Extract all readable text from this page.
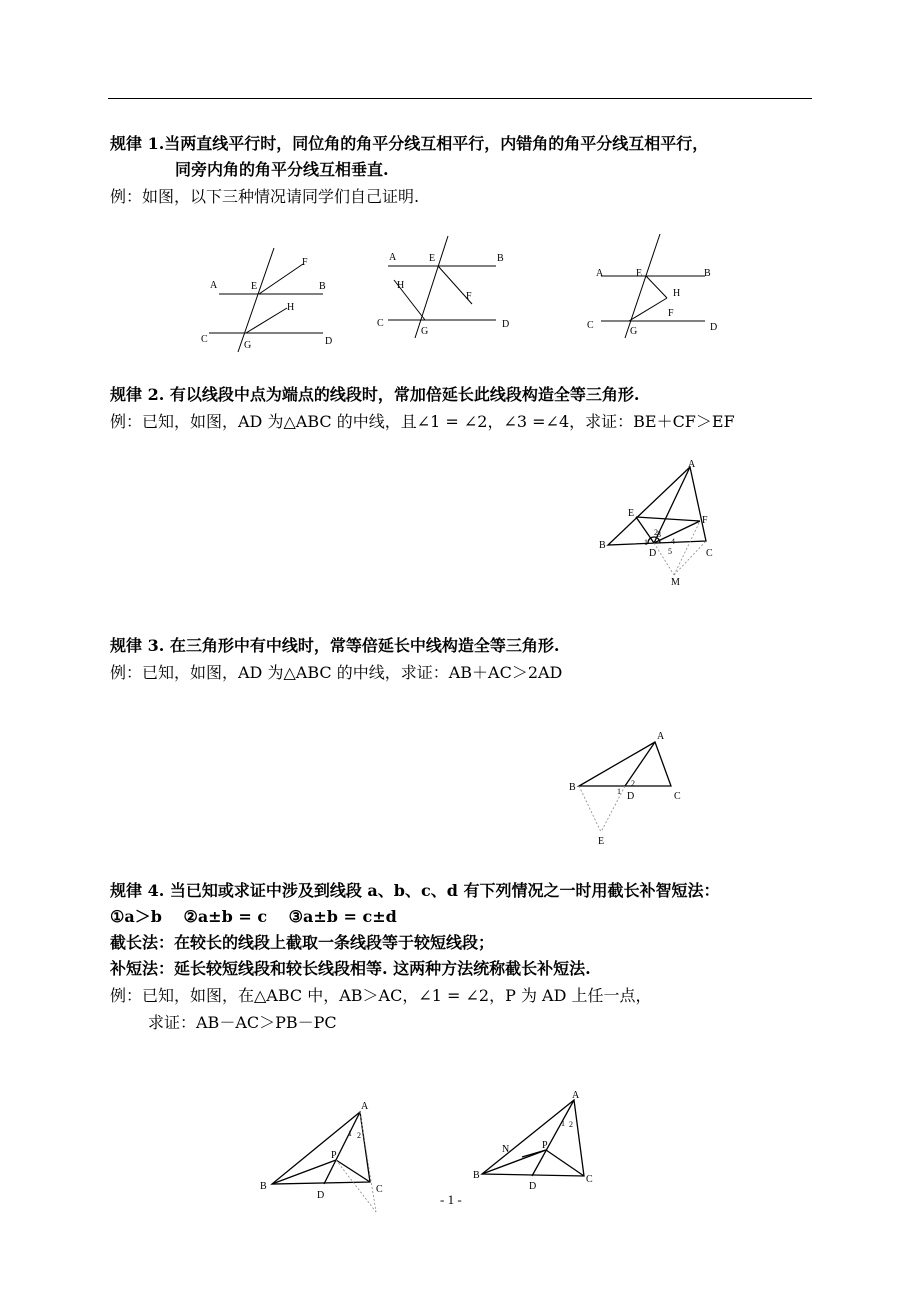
规律 1.当两直线平行时，同位角的角平分线互相平行，内错角的角平分线互相平行，
同旁内角的角平分线互相垂直.
例：如图，以下三种情况请同学们自己证明.
A	B
E
F
C	D
H
G
A	B
E
F
H
C	D
G
A	B
E
H
F
C	D
G
规律 2. 有以线段中点为端点的线段时，常加倍延长此线段构造全等三角形.
例：已知，如图，AD 为△ABC 的中线，且∠1 = ∠2，∠3 =∠4，求证：BE＋CF＞EF
A
E
F
B
D	C
M
2
1
3
4
5
规律 3. 在三角形中有中线时，常等倍延长中线构造全等三角形.
例：已知，如图，AD 为△ABC 的中线，求证：AB＋AC＞2AD
A
B
D	C
E
1
2
规律 4. 当已知或求证中涉及到线段 a、b、c、d 有下列情况之一时用截长补智短法：
①a＞b　 ②a±b = c　 ③a±b = c±d
截长法：在较长的线段上截取一条线段等于较短线段；
补短法：延长较短线段和较长线段相等. 这两种方法统称截长补短法.
例：已知，如图，在△ABC 中，AB＞AC，∠1 = ∠2，P 为 AD 上任一点，
求证：AB－AC＞PB－PC
A
B
P
D
C
1 2
A
N	P
B
D
C
1 2
- 1 -
